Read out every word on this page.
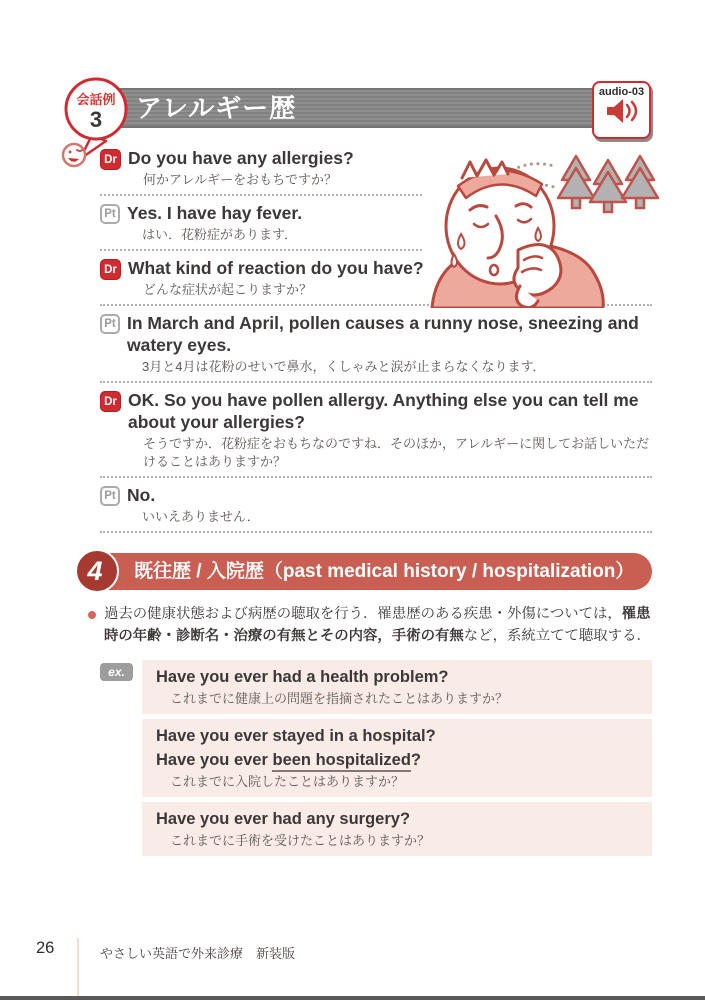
アレルギー歴
会話例
3
audio-03
Dr Do you have any allergies?

何かアレルギーをおもちですか？

Pt Yes. I have hay fever.

はい．花粉症があります．

Dr What kind of reaction do you have?

どんな症状が起こりますか？

Pt In March and April, pollen causes a runny nose, sneezing and watery eyes.

3月と4月は花粉のせいで鼻水，くしゃみと涙が止まらなくなります．

Dr OK. So you have pollen allergy. Anything else you can tell me about your allergies?

そうですか．花粉症をおもちなのですね．そのほか，アレルギーに関してお話しいただけることはありますか？

Pt No.

いいえありません．

4	既往歴 / 入院歴（past medical history / hospitalization）

過去の健康状態および病歴の聴取を行う．罹患歴のある疾患・外傷については，罹患時の年齢・診断名・治療の有無とその内容，手術の有無など，系統立てて聴取する．

ex.	Have you ever had a health problem?

これまでに健康上の問題を指摘されたことはありますか？

Have you ever stayed in a hospital?

Have you ever been hospitalized?

これまでに入院したことはありますか？

Have you ever had any surgery?

これまでに手術を受けたことはありますか？

26	やさしい英語で外来診療　新装版
